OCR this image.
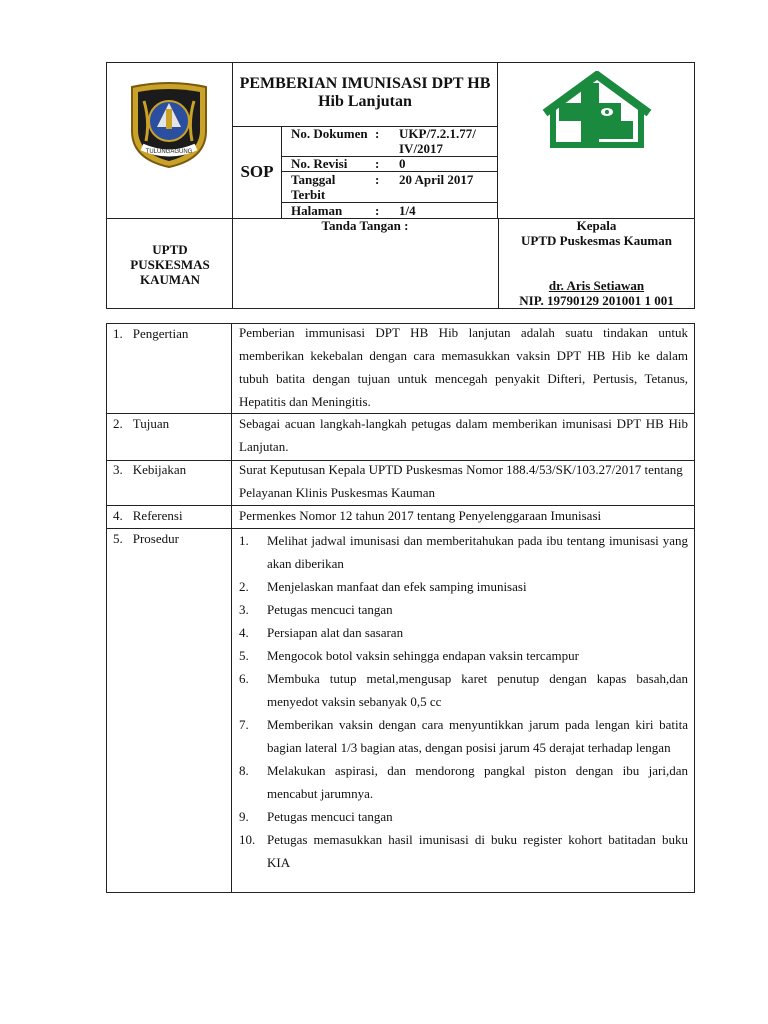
TULUNGAGUNG
PEMBERIAN IMUNISASI DPT HB Hib Lanjutan
SOP
No. Dokumen : UKP/7.2.1.77/ IV/2017
No. Revisi : 0
Tanggal Terbit
: 20 April 2017
Halaman	: 1/4
UPTD PUSKESMAS KAUMAN
Tanda Tangan :	Kepala
UPTD Puskesmas Kauman
dr. Aris Setiawan
NIP. 19790129 201001 1 001
1. Pengertian
2. Tujuan
3. Kebijakan
4. Referensi
5. Prosedur
Pemberian immunisasi DPT HB Hib lanjutan adalah suatu tindakan untuk memberikan kekebalan dengan cara memasukkan vaksin DPT HB Hib ke dalam tubuh batita dengan tujuan untuk mencegah penyakit Difteri, Pertusis, Tetanus, Hepatitis dan Meningitis.
Sebagai acuan langkah-langkah petugas dalam memberikan imunisasi DPT HB Hib Lanjutan.
Surat Keputusan Kepala UPTD Puskesmas Nomor 188.4/53/SK/103.27/2017 tentang Pelayanan Klinis Puskesmas Kauman
Permenkes Nomor 12 tahun 2017 tentang Penyelenggaraan Imunisasi
1. Melihat jadwal imunisasi dan memberitahukan pada ibu tentang imunisasi yang akan diberikan
2. Menjelaskan manfaat dan efek samping imunisasi
3. Petugas mencuci tangan
4. Persiapan alat dan sasaran
5. Mengocok botol vaksin sehingga endapan vaksin tercampur
6. Membuka tutup metal,mengusap karet penutup dengan kapas basah,dan menyedot vaksin sebanyak 0,5 cc
7. Memberikan vaksin dengan cara menyuntikkan jarum pada lengan kiri batita bagian lateral 1/3 bagian atas, dengan posisi jarum 45 derajat terhadap lengan
8. Melakukan aspirasi, dan mendorong pangkal piston dengan ibu jari,dan mencabut jarumnya.
9. Petugas mencuci tangan
10. Petugas memasukkan hasil imunisasi di buku register kohort batitadan buku KIA
